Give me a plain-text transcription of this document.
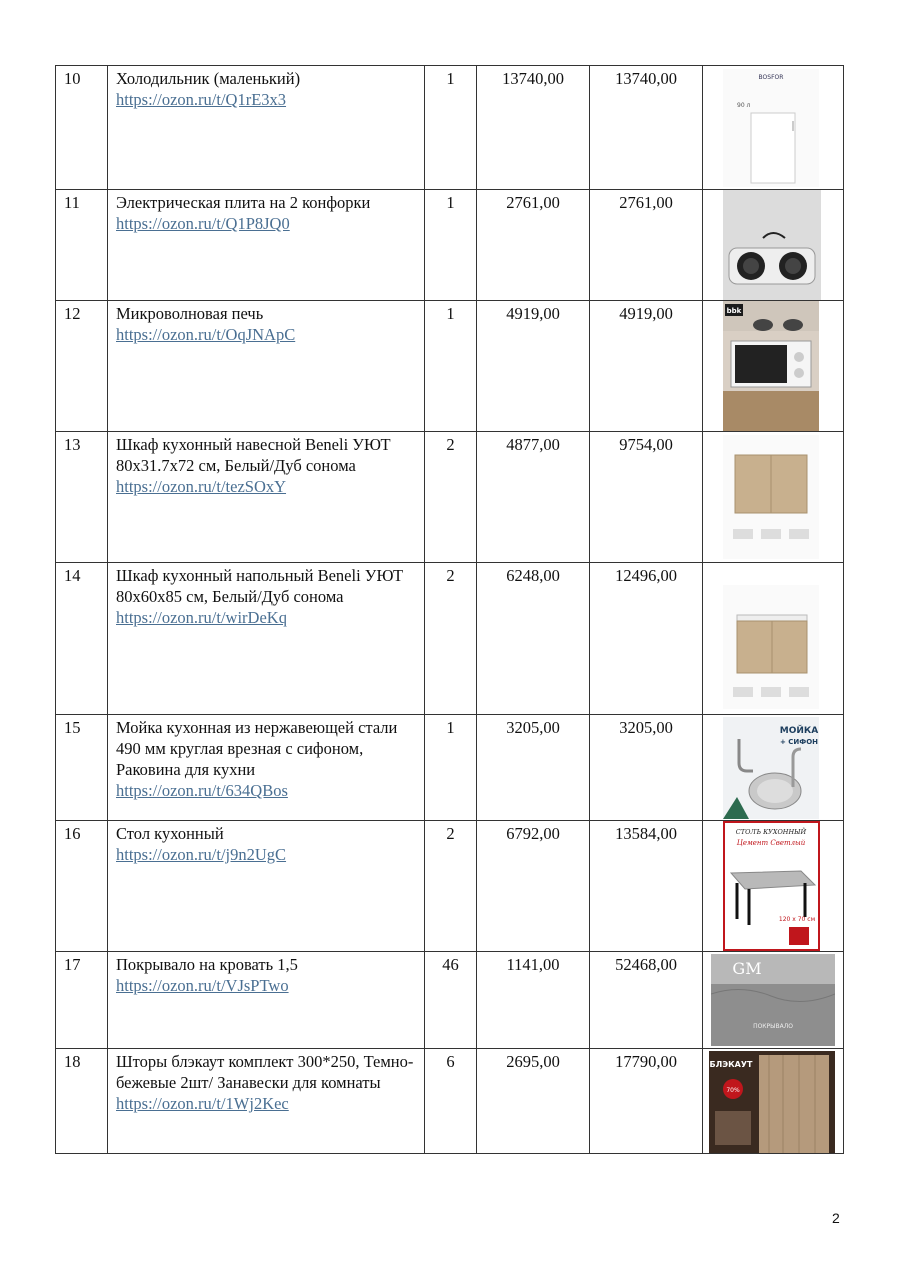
10	Холодильник (маленький)
https://ozon.ru/t/Q1rE3x3	1	13740,00	13740,00	BOSFOR
90 л

11	Электрическая плита на 2 конфорки
https://ozon.ru/t/Q1P8JQ0	1	2761,00	2761,00	

12	Микроволновая печь
https://ozon.ru/t/OqJNApC	1	4919,00	4919,00	bbk

13	Шкаф кухонный навесной Beneli УЮТ 80х31.7х72 см, Белый/Дуб сонома
https://ozon.ru/t/tezSOxY	2	4877,00	9754,00	

14	Шкаф кухонный напольный Beneli УЮТ 80х60х85 см, Белый/Дуб сонома
https://ozon.ru/t/wirDeKq	2	6248,00	12496,00	

15	Мойка кухонная из нержавеющей стали 490 мм круглая врезная с сифоном, Раковина для кухни
https://ozon.ru/t/634QBos	1	3205,00	3205,00	МОЙКА
+ СИФОН

16	Стол кухонный
https://ozon.ru/t/j9n2UgC	2	6792,00	13584,00	СТОЛЪ КУХОННЫЙ
Цемент Светлый
120 х 70 см

17	Покрывало на кровать 1,5
https://ozon.ru/t/VJsPTwo	46	1141,00	52468,00	GM
ПОКРЫВАЛО

18	Шторы блэкаут комплект 300*250, Темно-бежевые 2шт/ Занавески для комнаты
https://ozon.ru/t/1Wj2Kec	6	2695,00	17790,00	БЛЭКАУТ
70%
2
